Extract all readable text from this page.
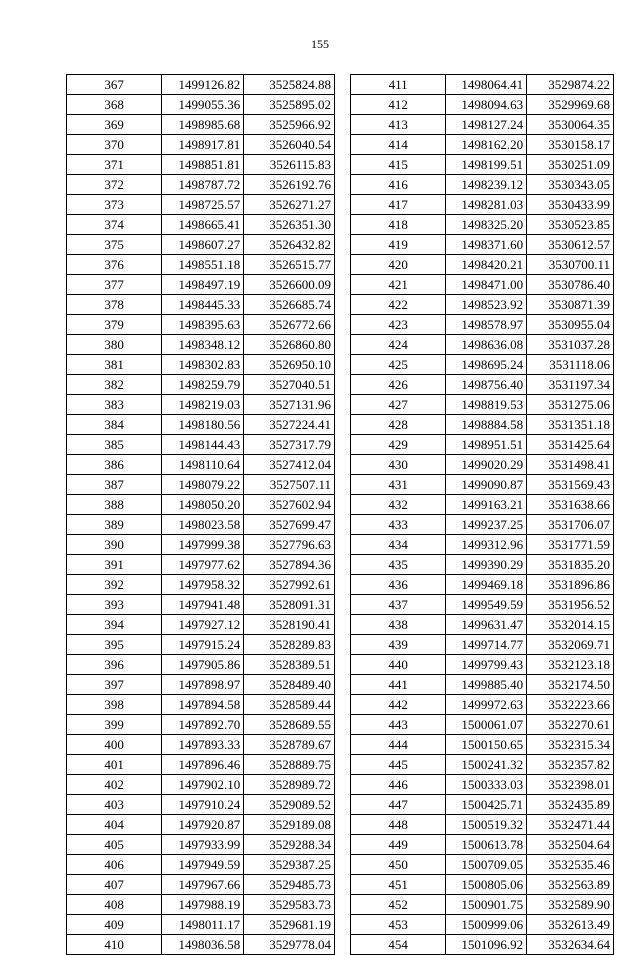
155
367	1499126.82	3525824.88
368	1499055.36	3525895.02
369	1498985.68	3525966.92
370	1498917.81	3526040.54
371	1498851.81	3526115.83
372	1498787.72	3526192.76
373	1498725.57	3526271.27
374	1498665.41	3526351.30
375	1498607.27	3526432.82
376	1498551.18	3526515.77
377	1498497.19	3526600.09
378	1498445.33	3526685.74
379	1498395.63	3526772.66
380	1498348.12	3526860.80
381	1498302.83	3526950.10
382	1498259.79	3527040.51
383	1498219.03	3527131.96
384	1498180.56	3527224.41
385	1498144.43	3527317.79
386	1498110.64	3527412.04
387	1498079.22	3527507.11
388	1498050.20	3527602.94
389	1498023.58	3527699.47
390	1497999.38	3527796.63
391	1497977.62	3527894.36
392	1497958.32	3527992.61
393	1497941.48	3528091.31
394	1497927.12	3528190.41
395	1497915.24	3528289.83
396	1497905.86	3528389.51
397	1497898.97	3528489.40
398	1497894.58	3528589.44
399	1497892.70	3528689.55
400	1497893.33	3528789.67
401	1497896.46	3528889.75
402	1497902.10	3528989.72
403	1497910.24	3529089.52
404	1497920.87	3529189.08
405	1497933.99	3529288.34
406	1497949.59	3529387.25
407	1497967.66	3529485.73
408	1497988.19	3529583.73
409	1498011.17	3529681.19
410	1498036.58	3529778.04
411	1498064.41	3529874.22
412	1498094.63	3529969.68
413	1498127.24	3530064.35
414	1498162.20	3530158.17
415	1498199.51	3530251.09
416	1498239.12	3530343.05
417	1498281.03	3530433.99
418	1498325.20	3530523.85
419	1498371.60	3530612.57
420	1498420.21	3530700.11
421	1498471.00	3530786.40
422	1498523.92	3530871.39
423	1498578.97	3530955.04
424	1498636.08	3531037.28
425	1498695.24	3531118.06
426	1498756.40	3531197.34
427	1498819.53	3531275.06
428	1498884.58	3531351.18
429	1498951.51	3531425.64
430	1499020.29	3531498.41
431	1499090.87	3531569.43
432	1499163.21	3531638.66
433	1499237.25	3531706.07
434	1499312.96	3531771.59
435	1499390.29	3531835.20
436	1499469.18	3531896.86
437	1499549.59	3531956.52
438	1499631.47	3532014.15
439	1499714.77	3532069.71
440	1499799.43	3532123.18
441	1499885.40	3532174.50
442	1499972.63	3532223.66
443	1500061.07	3532270.61
444	1500150.65	3532315.34
445	1500241.32	3532357.82
446	1500333.03	3532398.01
447	1500425.71	3532435.89
448	1500519.32	3532471.44
449	1500613.78	3532504.64
450	1500709.05	3532535.46
451	1500805.06	3532563.89
452	1500901.75	3532589.90
453	1500999.06	3532613.49
454	1501096.92	3532634.64
